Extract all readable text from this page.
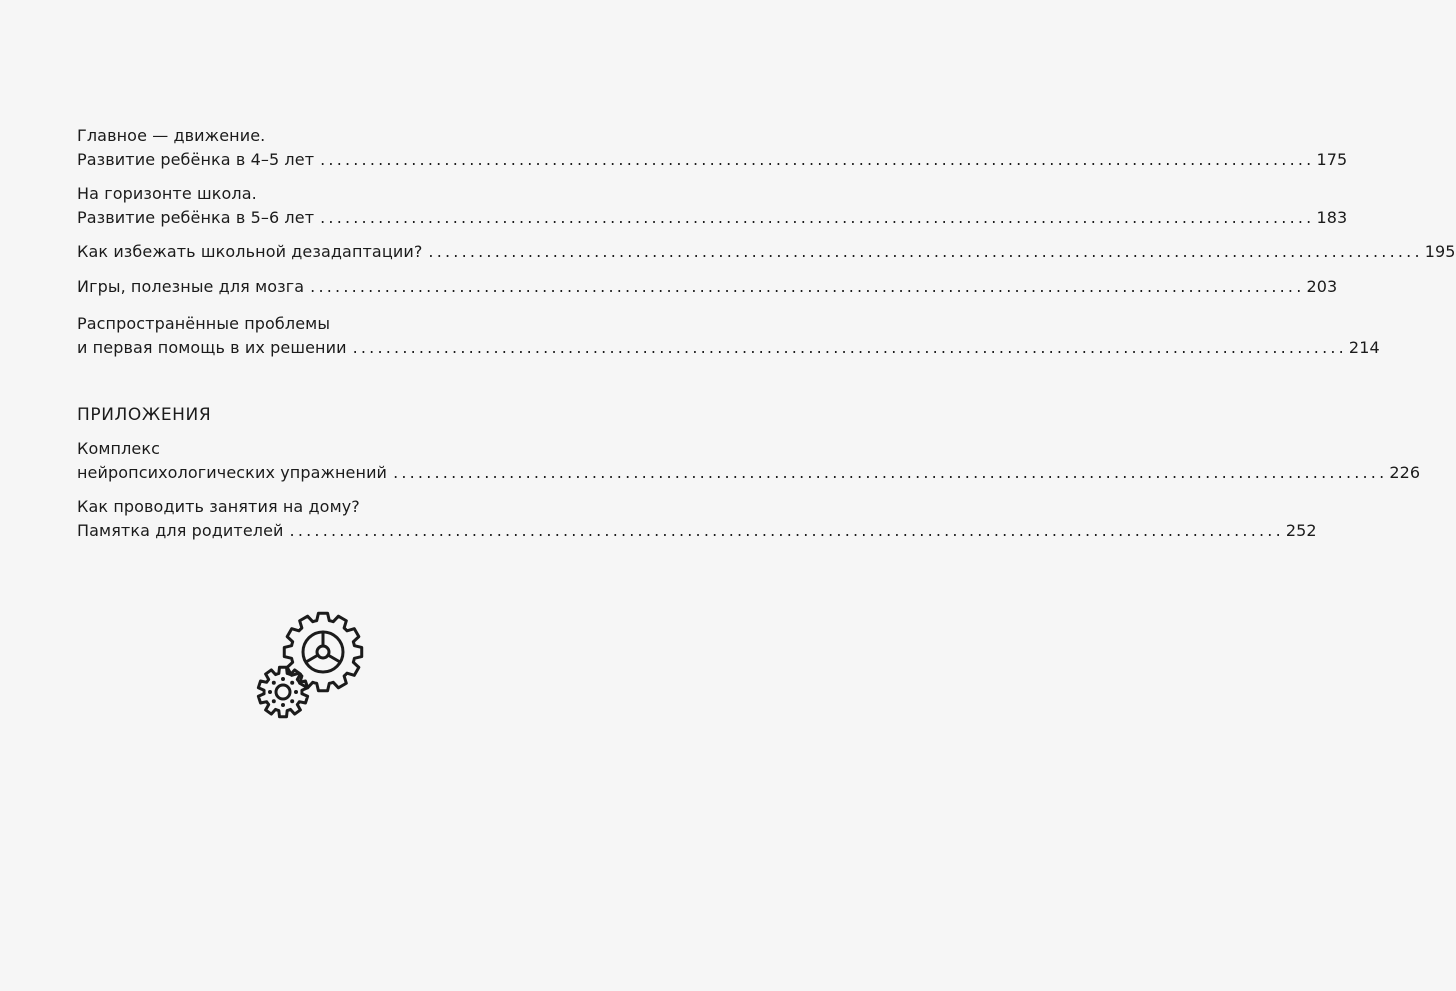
Главное — движение.
Развитие ребёнка в 4–5 лет ........................................................................................................................ 175
На горизонте школа.
Развитие ребёнка в 5–6 лет ........................................................................................................................ 183
Как избежать школьной дезадаптации? ........................................................................................................................ 195
Игры, полезные для мозга ........................................................................................................................ 203
Распространённые проблемы
и первая помощь в их решении ........................................................................................................................ 214
Комплекс
нейропсихологических упражнений ........................................................................................................................ 226
Как проводить занятия на дому?
Памятка для родителей ........................................................................................................................ 252
ПРИЛОЖЕНИЯ
